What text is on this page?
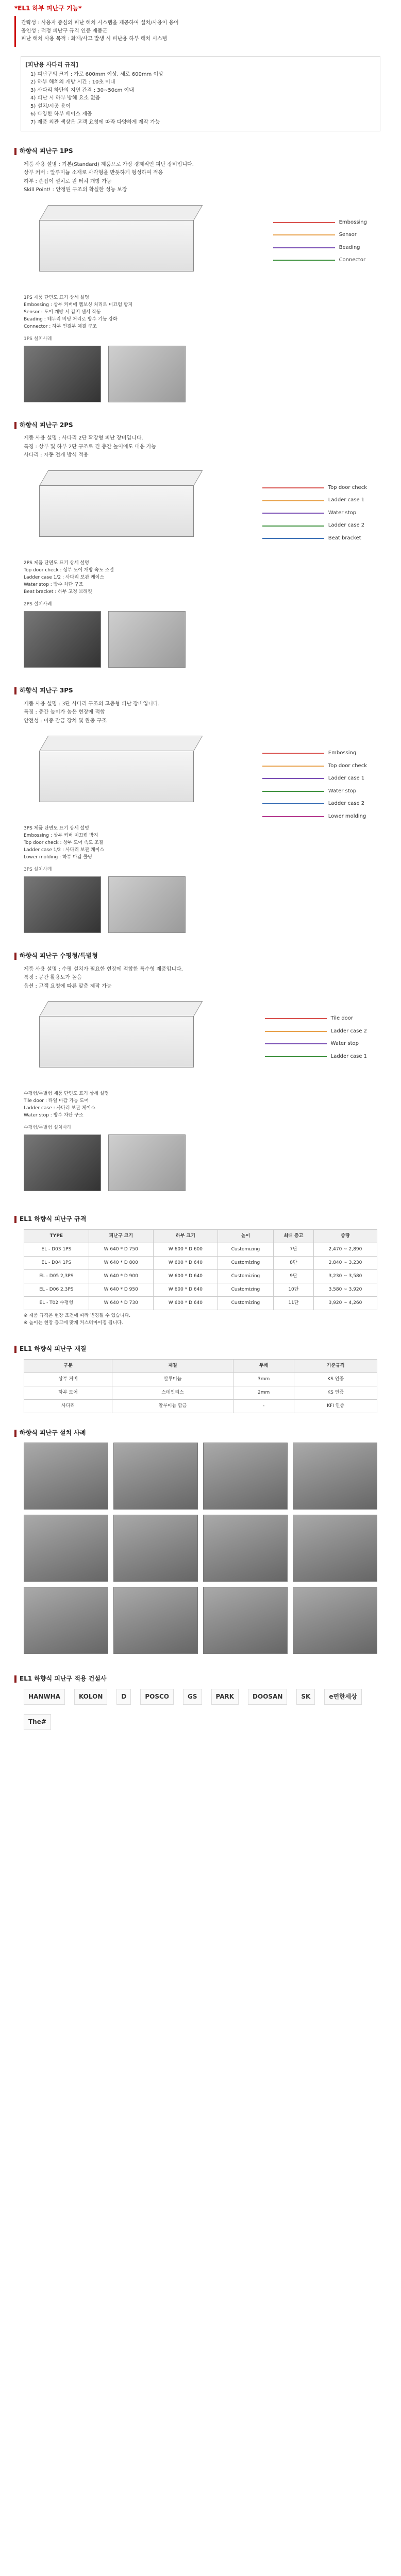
*EL1 하부 피난구 기능*

간략성 : 사용자 중심의 피난 해치 시스템을 제공하여 설치/사용이 용이

공인성 : 적정 피난구 규격 인증 제품군

피난 해치 사용 목적 : 화재/사고 발생 시 피난용 하부 해치 시스템

[피난용 사다리 규격]

1) 피난구의 크기 : 가로 600mm 이상, 세로 600mm 이상

2) 하부 해치의 개방 시간 : 10초 이내

3) 사다리 하단의 지면 간격 : 30~50cm 이내

4) 피난 시 하부 방해 요소 없음

5) 설치/시공 용이

6) 다양한 하부 베이스 제공

7) 제품 외관 색상은 고객 요청에 따라 다양하게 제작 가능

하향식 피난구 1PS

제품 사용 설명 : 기본(Standard) 제품으로 가장 경제적인 피난 장비입니다.

상부 커버 : 알루미늄 소재로 사각형을 반듯하게 형성하여 적용

하부 : 손잡이 설치로 원 터치 개방 가능

Skill Point! : 안정된 구조의 확실한 성능 보장

Embossing
Sensor
Beading
Connector

1PS 제품 단면도 표기 상세 설명

Embossing : 상부 커버에 엠보싱 처리로 미끄럼 방지

Sensor : 도어 개방 시 감지 센서 작동

Beading : 테두리 비딩 처리로 방수 기능 강화

Connector : 하부 연결부 체결 구조

1PS 설치사례
하향식 피난구 2PS

제품 사용 설명 : 사다리 2단 확장형 피난 장비입니다.

특징 : 상부 및 하부 2단 구조로 긴 층간 높이에도 대응 가능

사다리 : 자동 전개 방식 적용

Top door check
Ladder case 1
Water stop
Ladder case 2
Beat bracket

2PS 제품 단면도 표기 상세 설명

Top door check : 상부 도어 개방 속도 조절

Ladder case 1/2 : 사다리 보관 케이스

Water stop : 방수 차단 구조

Beat bracket : 하부 고정 브래킷

2PS 설치사례
하향식 피난구 3PS

제품 사용 설명 : 3단 사다리 구조의 고층형 피난 장비입니다.

특징 : 층간 높이가 높은 현장에 적합

안전성 : 이중 잠금 장치 및 완충 구조

Embossing
Top door check
Ladder case 1
Water stop
Ladder case 2
Lower molding

3PS 제품 단면도 표기 상세 설명

Embossing : 상부 커버 미끄럼 방지

Top door check : 상부 도어 속도 조절

Ladder case 1/2 : 사다리 보관 케이스

Lower molding : 하부 마감 몰딩

3PS 설치사례
하향식 피난구 수평형/특별형

제품 사용 설명 : 수평 설치가 필요한 현장에 적합한 특수형 제품입니다.

특징 : 공간 활용도가 높음

옵션 : 고객 요청에 따른 맞춤 제작 가능

Tile door
Ladder case 2
Water stop
Ladder case 1

수평형/특별형 제품 단면도 표기 상세 설명

Tile door : 타일 마감 가능 도어

Ladder case : 사다리 보관 케이스

Water stop : 방수 차단 구조

수평형/특별형 설치사례
EL1 하향식 피난구 규격
TYPE	피난구 크기	하부 크기	높이	최대 층고	중량
EL - D03 1PS	W 640 * D 750	W 600 * D 600	Customizing	7단	2,470 ~ 2,890
EL - D04 1PS	W 640 * D 800	W 600 * D 640	Customizing	8단	2,840 ~ 3,230
EL - D05 2,3PS	W 640 * D 900	W 600 * D 640	Customizing	9단	3,230 ~ 3,580
EL - D06 2,3PS	W 640 * D 950	W 600 * D 640	Customizing	10단	3,580 ~ 3,920
EL - T02 수평형	W 640 * D 730	W 600 * D 640	Customizing	11단	3,920 ~ 4,260

※ 제품 규격은 현장 조건에 따라 변경될 수 있습니다.

※ 높이는 현장 층고에 맞게 커스터마이징 됩니다.

EL1 하향식 피난구 재질
구분	재질	두께	기준규격
상부 커버	알루미늄	3mm	KS 인증
하부 도어	스테인리스	2mm	KS 인증
사다리	알루미늄 합금	-	KFI 인증
하향식 피난구 설치 사례
EL1 하향식 피난구 적용 건설사
HANWHA	KOLON	D	POSCO	GS	PARK	DOOSAN	SK	e편한세상
The#
